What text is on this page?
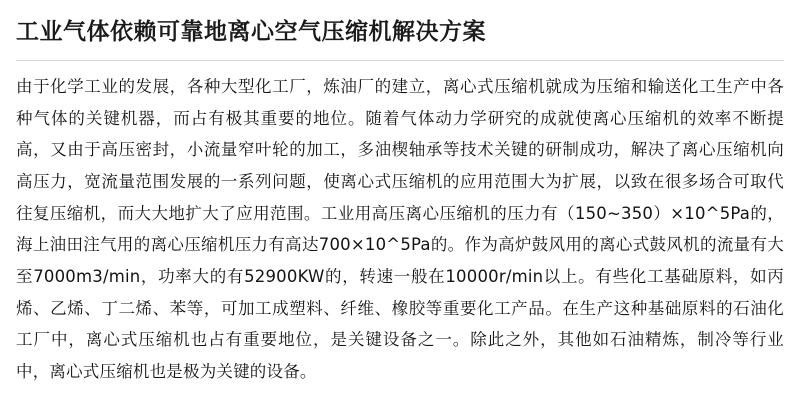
工业气体依赖可靠地离心空气压缩机解决方案

由于化学工业的发展，各种大型化工厂，炼油厂的建立，离心式压缩机就成为压缩和输送化工生产中各种气体的关键机器，而占有极其重要的地位。随着气体动力学研究的成就使离心压缩机的效率不断提高，又由于高压密封，小流量窄叶轮的加工，多油楔轴承等技术关键的研制成功，解决了离心压缩机向高压力，宽流量范围发展的一系列问题，使离心式压缩机的应用范围大为扩展，以致在很多场合可取代往复压缩机，而大大地扩大了应用范围。工业用高压离心压缩机的压力有（150~350）×10^5Pa的，海上油田注气用的离心压缩机压力有高达700×10^5Pa的。作为高炉鼓风用的离心式鼓风机的流量有大至7000m3/min，功率大的有52900KW的，转速一般在10000r/min以上。有些化工基础原料，如丙烯、乙烯、丁二烯、苯等，可加工成塑料、纤维、橡胶等重要化工产品。在生产这种基础原料的石油化工厂中，离心式压缩机也占有重要地位，是关键设备之一。除此之外，其他如石油精炼，制冷等行业中，离心式压缩机也是极为关键的设备。
